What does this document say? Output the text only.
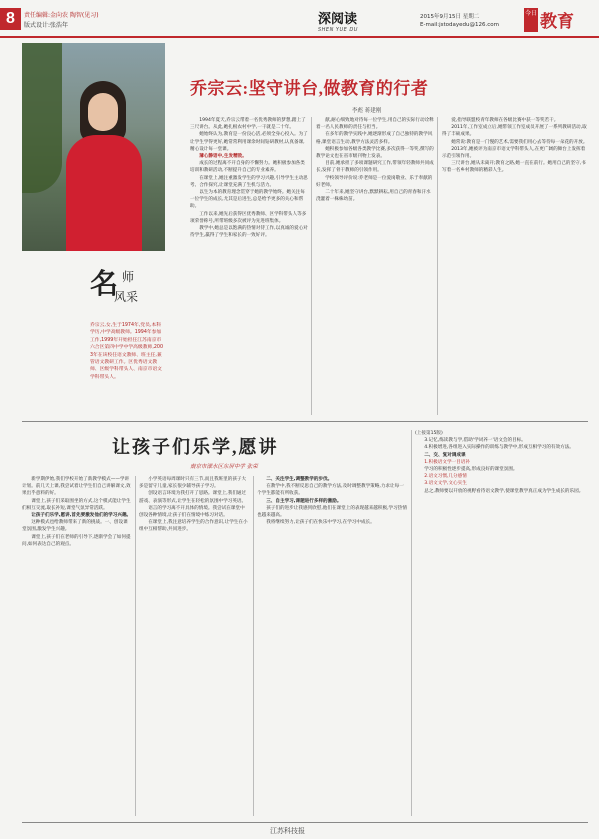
8	责任编辑:金向农 陶智(见习)
版式设计:张浩年	深阅读
SHEN YUE DU
2015年9月15日 星期二
E-mail:jstodayedu@126.com
今日 教育
名 师
风采
乔宗云,女,生于1974年,党员,本科学历,中学高级教师。1994年参加工作,1999年开始担任江苏南京市六合区第四中学中学高级教师,2003年在该校任语文教师、班主任,兼管语文教研工作。区优秀语文教师、区级学科带头人、南京市语文学科带头人。
乔宗云:坚守讲台,做教育的行者
李彪 蒋建刚

1994年夏天,乔宗云带着一名优秀教师的梦想,踏上了三尺讲台。从此,她扎根农村中学,一干就是二十年。

她始终认为,教育是一份良心活,必须全身心投入。为了让学生学得更好,她常常利用课余时间钻研教材,认真备课,精心设计每一堂课。

薄心静语中,生发精致。

成长的过程离不开自身的不懈努力。她积极参加各类培训和教研活动,不断提升自己的专业素养。

在课堂上,她注重激发学生的学习兴趣,引导学生主动思考、合作探究,让课堂充满了生机与活力。

以生为本的教育理念贯穿于她的教学始终。她关注每一位学生的成长,尤其是后进生,总是给予更多的关心和帮助。

工作以来,她先后获得区优秀教师、区学科带头人等多项荣誉称号,所带班级多次被评为先进班集体。

教学中,她总是以饱满的热情对待工作,以真诚的爱心对待学生,赢得了学生和家长的一致好评。

献,耐心细致地对待每一位学生,用自己的实际行动诠释着一名人民教师的责任与担当。

在多年的教学实践中,她逐渐形成了自己独特的教学风格,课堂语言生动,教学方法灵活多样。

她积极参加各级各类教学比赛,多次获得一等奖,撰写的教学论文也在省市级刊物上发表。

目前,她承担了多项课题研究工作,带领年轻教师共同成长,发挥了骨干教师的引领作用。

学校领导评价说:乔老师是一位爱岗敬业、乐于奉献的好老师。

二十年来,她坚守讲台,默默耕耘,用自己的青春和汗水浇灌着一株株幼苗。

爱,指导联盟校青年教师在各级比赛中获一等奖若干。

2011年,工作室成立后,她带领工作室成员开展了一系列教研活动,取得了丰硕成果。

她常说:教育是一门慢的艺术,需要我们用心去等待每一朵花的开放。

2013年,她被评为南京市语文学科带头人,在更广阔的舞台上发挥着示范引领作用。

三尺讲台,她从未离开;教育之路,她一直在前行。她用自己的坚守,书写着一名乡村教师的精彩人生。

让孩子们乐学,愿讲
南京市溧水区东屏中学 张荣

新学期伊始,我们学校开始了新教学模式——学讲计划。前几天上课,我尝试着让学生们自己讲解课文,效果出乎意料的好。

课堂上,孩子们采取围坐的方式,这个模式能让学生们相互交流,取长补短,课堂气氛异常活跃。

让孩子们乐学,愿讲,首先要激发他们的学习兴趣。

这种模式也给教师带来了新的挑战。一、创设课堂氛围,激发学生兴趣。

课堂上,孩子们在老师的引导下,逐渐学会了如何提问,如何表达自己的观点。

小学英语每周课时只有三节,而且我班里的孩子大多是留守儿童,家长很少辅导孩子学习。

创设语言环境为我打开了思路。课堂上,我们通过游戏、表演等形式,让学生在轻松的氛围中学习英语。

语言的学习离不开具体的情境。我尝试在课堂中创设各种情境,让孩子们在情境中练习对话。

在课堂上,我注意培养学生的合作意识,让学生在小组中互相帮助,共同进步。

二、关注学生,调整教学的步伐。

在教学中,我不断反思自己的教学方法,及时调整教学策略,力求让每一个学生都能有所收获。

三、自主学习,课题进行多样的激励。

孩子们的进步让我感到欣慰,他们在课堂上的表现越来越积极,学习热情也越来越高。

我将继续努力,让孩子们在快乐中学习,在学习中成长。

(上接第15版)

3.记忆,练读教与学,借助'学词养一'语文会的目标。

4.积极增进,各组进入实际操作的训练与教学中,形成互相学习的有效方法。

二、交、复对调成课

1.积极语文学一目语补

学习的积极性逐步提高,形成良好的课堂氛围。

2.语文习惯,几分感情

3.语文文学,文心实生

总之,教师要以开放的视野看待语文教学,使课堂教学真正成为学生成长的乐园。

江苏科技报
